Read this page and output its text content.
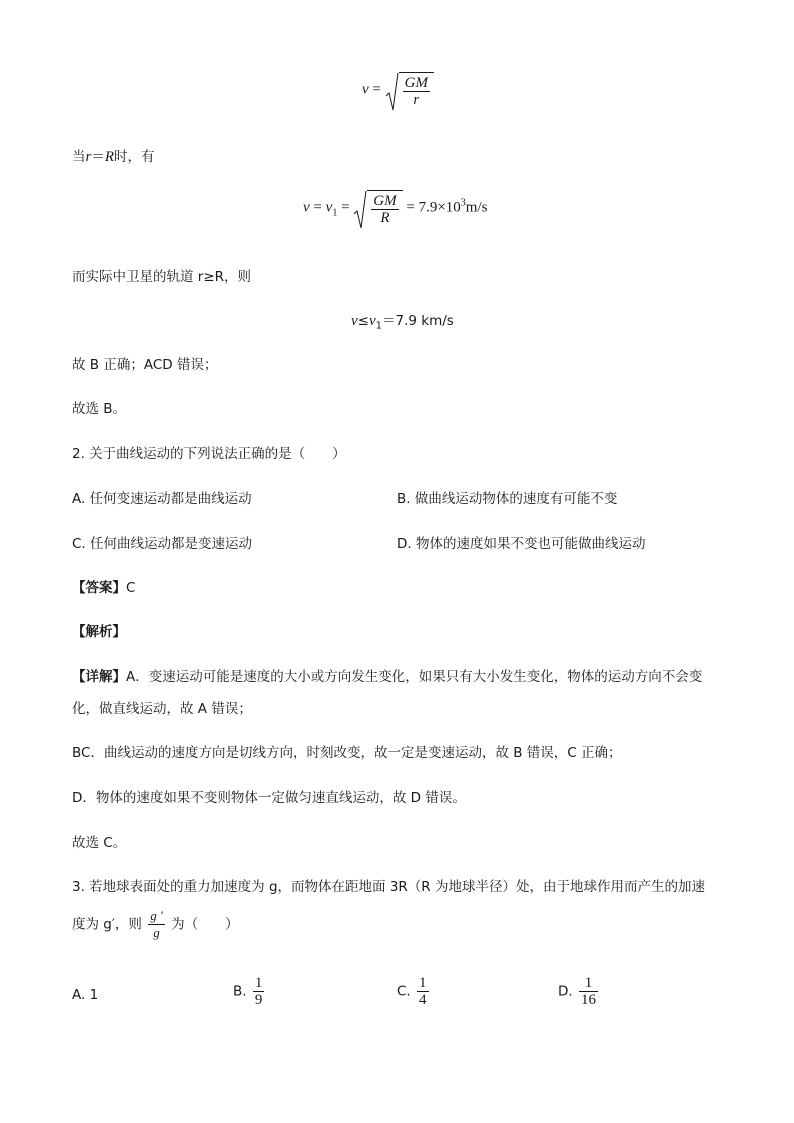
$v = \frac{GM}{r}$
当r＝R时，有
$v = v_1 = \frac{GM}{R} = 7.9\times 10^3m/s$
而实际中卫星的轨道 r≥R，则
$v\le v_1=7.9$ km/s
故 B 正确；ACD 错误；
故选 B。
2. 关于曲线运动的下列说法正确的是（　　）
A. 任何变速运动都是曲线运动	B. 做曲线运动物体的速度有可能不变
C. 任何曲线运动都是变速运动	D. 物体的速度如果不变也可能做曲线运动
【答案】C
【解析】
【详解】A．变速运动可能是速度的大小或方向发生变化，如果只有大小发生变化，物体的运动方向不会变
化，做直线运动，故 A 错误；
BC．曲线运动的速度方向是切线方向，时刻改变，故一定是变速运动，故 B 错误，C 正确；
D．物体的速度如果不变则物体一定做匀速直线运动，故 D 错误。
故选 C。
3. 若地球表面处的重力加速度为 g，而物体在距地面 3R（R 为地球半径）处，由于地球作用而产生的加速
度为 g′，则 $\frac{g '}{g}$ 为（　　）
A. 1	B. $\frac{1}{9}$	C. $\frac{1}{4}$	D. $\frac{1}{16}$
